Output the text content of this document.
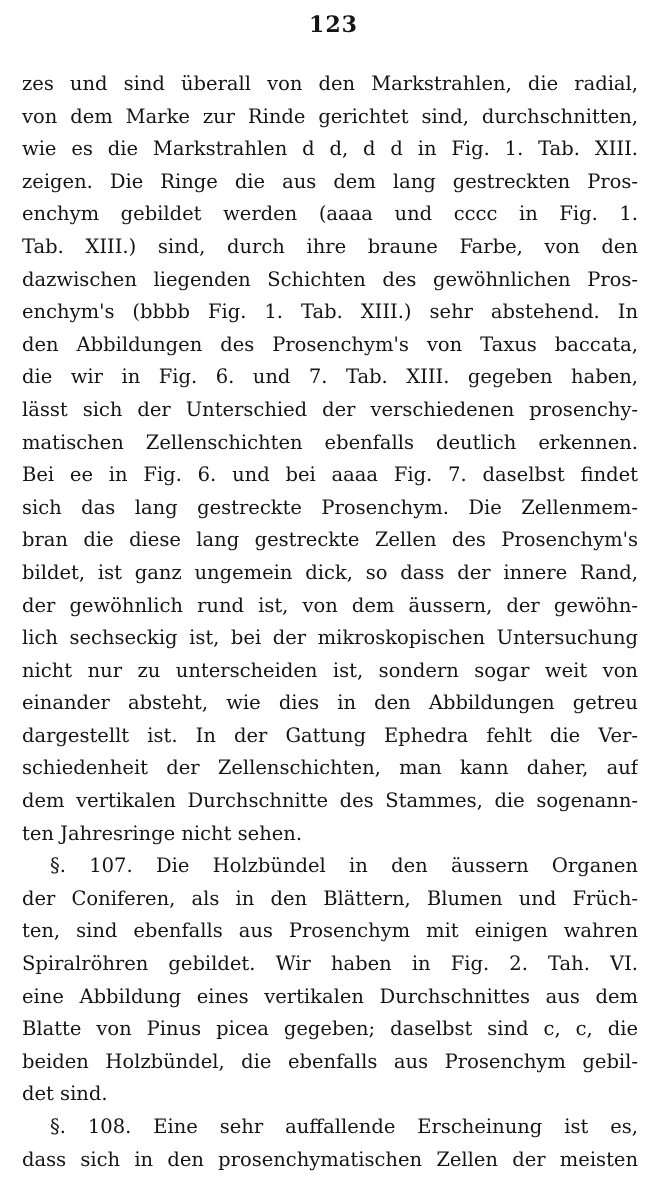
123
zes und sind überall von den Markstrahlen, die radial,
von dem Marke zur Rinde gerichtet sind, durchschnitten,
wie es die Markstrahlen d d, d d in Fig. 1. Tab. XIII.
zeigen. Die Ringe die aus dem lang gestreckten Pros-
enchym gebildet werden (aaaa und cccc in Fig. 1.
Tab. XIII.) sind, durch ihre braune Farbe, von den
dazwischen liegenden Schichten des gewöhnlichen Pros-
enchym's (bbbb Fig. 1. Tab. XIII.) sehr abstehend. In
den Abbildungen des Prosenchym's von Taxus baccata,
die wir in Fig. 6. und 7. Tab. XIII. gegeben haben,
lässt sich der Unterschied der verschiedenen prosenchy-
matischen Zellenschichten ebenfalls deutlich erkennen.
Bei ee in Fig. 6. und bei aaaa Fig. 7. daselbst findet
sich das lang gestreckte Prosenchym. Die Zellenmem-
bran die diese lang gestreckte Zellen des Prosenchym's
bildet, ist ganz ungemein dick, so dass der innere Rand,
der gewöhnlich rund ist, von dem äussern, der gewöhn-
lich sechseckig ist, bei der mikroskopischen Untersuchung
nicht nur zu unterscheiden ist, sondern sogar weit von
einander absteht, wie dies in den Abbildungen getreu
dargestellt ist. In der Gattung Ephedra fehlt die Ver-
schiedenheit der Zellenschichten, man kann daher, auf
dem vertikalen Durchschnitte des Stammes, die sogenann-
ten Jahresringe nicht sehen.
§. 107. Die Holzbündel in den äussern Organen
der Coniferen, als in den Blättern, Blumen und Früch-
ten, sind ebenfalls aus Prosenchym mit einigen wahren
Spiralröhren gebildet. Wir haben in Fig. 2. Tah. VI.
eine Abbildung eines vertikalen Durchschnittes aus dem
Blatte von Pinus picea gegeben; daselbst sind c, c, die
beiden Holzbündel, die ebenfalls aus Prosenchym gebil-
det sind.
§. 108. Eine sehr auffallende Erscheinung ist es,
dass sich in den prosenchymatischen Zellen der meisten
